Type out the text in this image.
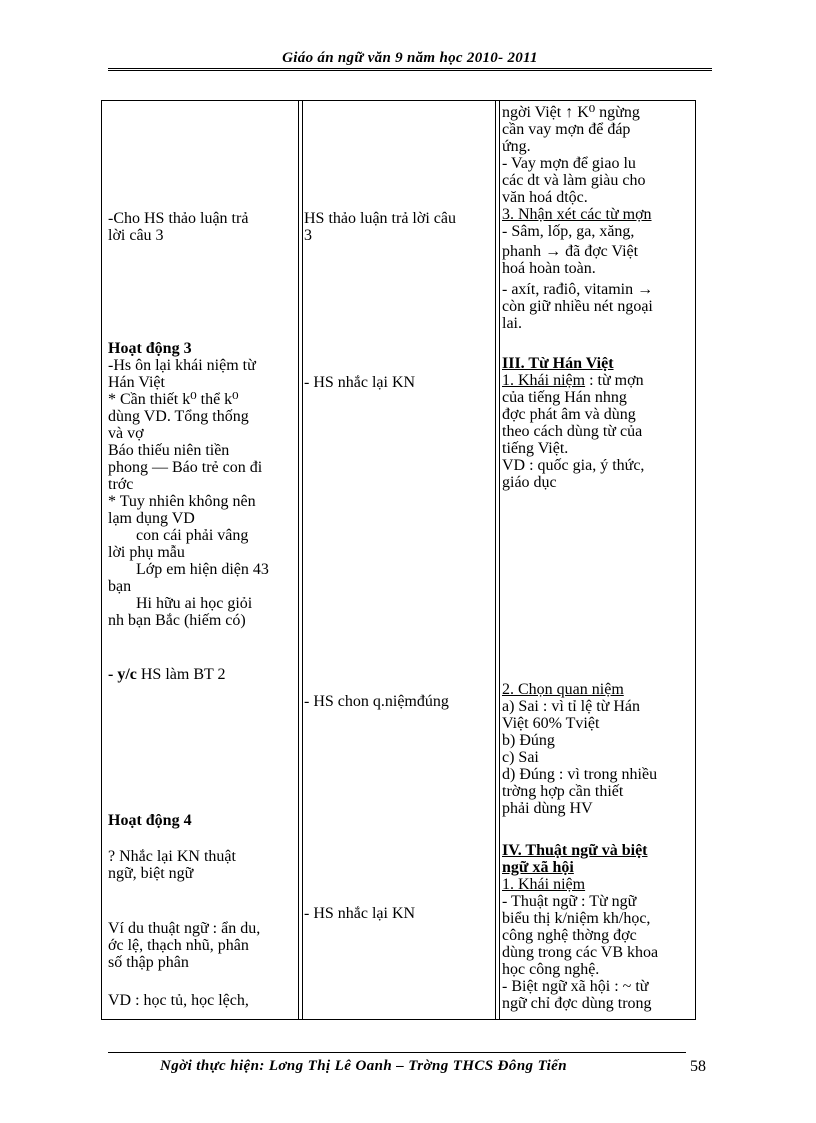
Giáo án ngữ văn 9 năm học 2010- 2011
-Cho HS thảo luận trả
lời câu 3
Hoạt động 3
-Hs ôn lại khái niệm từ
Hán Việt
* Cần thiết k⁰ thể k⁰
dùng VD. Tổng thống
và vợ
Báo thiếu niên tiền
phong — Báo trẻ con đi
trớc
* Tuy nhiên không nên
lạm dụng VD
con cái phải vâng
lời phụ mẫu
Lớp em hiện diện 43
bạn
Hi hữu ai học giỏi
nh bạn Bắc (hiếm có)
- y/c HS làm BT 2
Hoạt động 4
? Nhắc lại KN thuật
ngữ, biệt ngữ
Ví du thuật ngữ : ẩn du,
ớc lệ, thạch nhũ, phân
số thập phân
VD : học tủ, học lệch,
HS thảo luận trả lời câu
3
- HS nhắc lại KN
- HS chon q.niệmđúng
- HS nhắc lại KN
ngời Việt ↑ K⁰ ngừng
cần vay mợn để đáp
ứng.
- Vay mợn để giao lu
các dt và làm giàu cho
văn hoá dtộc.
3. Nhận xét các từ mợn
- Sâm, lốp, ga, xăng,
phanh → đã đợc Việt
hoá hoàn toàn.
- axít, rađiô, vitamin →
còn giữ nhiều nét ngoại
lai.
III. Từ Hán Việt
1. Khái niệm : từ mợn
của tiếng Hán nhng
đợc phát âm và dùng
theo cách dùng từ của
tiếng Việt.
VD : quốc gia, ý thức,
giáo dục
2. Chọn quan niệm
a) Sai : vì tỉ lệ từ Hán
Việt 60% Tviệt
b) Đúng
c) Sai
d) Đúng : vì trong nhiều
trờng hợp cần thiết
phải dùng HV
IV. Thuật ngữ và biệt
ngữ xã hội
1. Khái niệm
- Thuật ngữ : Từ ngữ
biểu thị k/niệm kh/học,
công nghệ thờng đợc
dùng trong các VB khoa
học công nghệ.
- Biệt ngữ xã hội : ~ từ
ngữ chỉ đợc dùng trong
Ngời thực hiện: Lơng Thị Lê Oanh – Trờng THCS Đông Tiến	58
